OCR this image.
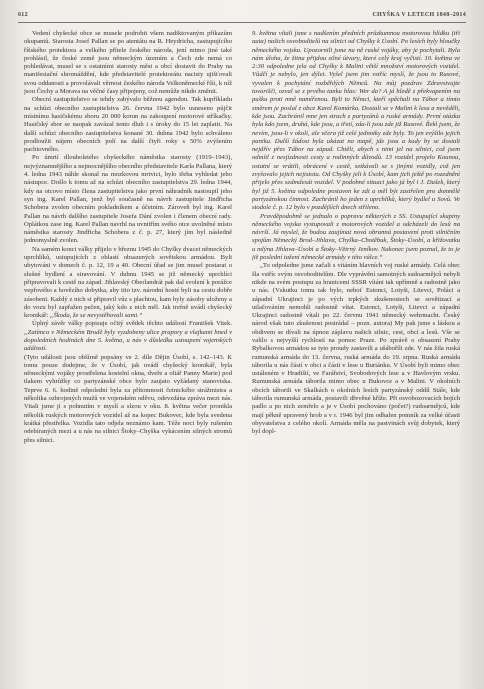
612	CHYŠKA V LETECH 1848–2014

Vedení chyšecké obce se musele podrobit všem nadiktovaným příkazům okupantů. Starosta Josef Pallan se po atentátu na R. Heydricha, zastupujícího říšského protektora a velkého přítele českého národa, jení mimo jiné také prohlásil, že české země jsou německým územím a Čech zde nemá co pohledávat, musel se s ostatními starosty měst a obcí dostavit do Prahy na manifestační shromáždění, kde představitelé protektorátu nacisty ujišťovali svou oddanosti a provolávali věrnost českého národa Velkoněmecké říši, k níž jsou Čechy a Morava na věčné časy připojeny, což nemůže nikdo změnit.

Obecní zastupitelstvo se tehdy zabývalo běžnou agendou. Tak kupříkladu na schůzi obecního zastupitelstva 26. června 1942 bylo usneseno půjčit místnímu hasičskému sboru 20 000 korun na zakoupení motorové stříkačky. Hasičský sbor se naopak zavázal tento dluh i s úroky do 15 let zaplatit. Na další schůzi obecního zastupitelstva konané 30. dubna 1942 bylo schváleno prodloužit nájem obecních polí na další čtyři roky s 50% zvýšením pachtovného.

Po úmrtí dlouholetého chyšeckého náměstka starosty (1919–1943), nejvýznamnějšího a nejmocnějšího obecního představitele Karla Pallana, který 4. ledna 1943 náhle skonal na mozkovou mrtvici, bylo třeba vyhledat jeho nástupce. Došlo k tomu až na schůzi obecního zastupitelstva 29. ledna 1944, kdy na otcovo místo člena zastupitelstva jako první náhradník nastoupil jeho syn ing. Karel Pallan, jenž byl současně na návrh zastupitele Jindřicha Schobera zvolen obecním pokladníkem a účetním. Zároveň byl ing. Karel Pallan na návrh dalšího zastupitele Josefa Dání zvolen i členem obecní rady. Oplátkou zase ing. Karel Pallan navrhl na uvnitřím svého otce uvolněné místo náměstka starosty Jindřicha Schobera z č. p. 27, který jím byl následně jednomyslně zvolen.

Na samém konci války přijelo v březnu 1945 do Chyšky dvacet německých uprchlíků, ustupujících z oblastí obsazených sovětskou armádou. Byli ubytováni v domech č. p. 12, 19 a 40. Obecní úřad se jim musel postarat o slušné bydlení a stravování. V dubnu 1945 se již německý uprchlíci připravovali k cestě na západ. Jihlavský Oberlandrát pak dal svolení k porážce vepřového a hovězího dobytka, aby tito tzv. národní hosté byli na cestu dobře zásobeni. Každý z nich si připravil vůz s plachtou, kam byly zásoby uloženy a do vozu byl zapřažen pečen, jaký kdo z nich měl. Jak trefně uvádí chyšecký kronikář: „Škoda, že se nevystěhovali sami.“

Úplný závěr války popisuje očitý svědek těchto událostí František Vitek. „Zatímco v Německém Brodě byly vyzdobeny ulice prapory a vlajkami hned v dopoledních hodinách dne 5. května, u nás v důsledku ustoupení vojenských událostí.

(Tyto události jsou obšírně popsány ve 2. díle Dějin Úsobí, s. 142–143. K tomu pouze dodejme, že v Úsobí, jak uvádí chyšecký kronikář, byla německými vojáky prostřelena kostelní okna, dveře a oltář Panny Marie) pod tlakem vyhrůžky co partyzánské obce bylo zaujato vyžádaný stanoviska. Teprve 6. 6. hodině odpolední byla za přítomnosti četnického strážmistra a několika ozbrojených mužů ve vojenském oděvu, odevzdána zpráva mezi nás. Vitali jsme jí s pohnutím v myslí a slzou v oku. 8. května večer pronikla několik ruských motorových vozidel až na kopec Bukovec, kde byla svedena krátká přestřelka. Vozidla tato odjela neznámo kam. Téže noci byly rušením odebíraných mezi a u nás na silnici Štoky–Chyška vykácením silných stromů přes silnici.

9. května vítali jsme s nadšením předních průzkumnou motorovou hlídku (tři auta) našich osvoboditelů na silnici od Chyšky k Úsobí. Po lesích byly hloučky německého vojska. Upozornili jsme na ně ruské vojáky, aby je pochytali. Byla nám úloha, že žitna přijdou silné útvary, které celý kraj vyčistí. 10. května ve 2:30 odpoledne jela od Chyšky k Malini větší množství motorových vozidel. Vůdčí je nebylo, jen dýlet. Vyšel jsem jim vstříc myslí, že jsou to Rusové, vyvalen k pochytání rozběhlých Němců. Na můj pozdrav Zdravstvujte tovarišči, ozval se z prvého tanku hlas: Wer da? A já hledě z překvapením na pušku proti mně namířenou. Byli to Němci, kteří spěchali na Tábor a tímto směrem je poslal z obce Karel Komárka. Dostali se v Malini k lesu a nevěděli, kde jsou. Zachránil mne jen strach z partyzánů a ruské armády. První otázka byla kdo jsem, druhá, kde jsou, a třetí, zda-li jsou zde již Rusové. Řekl jsem, že nevím, jsou-li v okolí, ale včera již celé jednotky zde byly. To jen zvýšilo jejich paniku. Další žádost byla ukázat na mapě, jde jsou a kudy by se dostali nejdřív přes Tábor na západ. Chtěli, abych s nimi jel na silnici, což jsem odmítl z nesjízdnosti cesty a rodinných důvodů. 13 vozidel projelo Kounou, ostatní se vrátili, obrácení v cestě, setkávali se s jinými vozidly, což jen zvyšovalo jejich nejistotu. Od Chyšky jeli k Úsobí, kam jich ještě po rozednění přijelo přes sedmdesát vozidel. V podobné situaci jako já byl i J. Dušek, který byl již 5. května odpoledne postaven ke zdi a měl být zastřelen pro domnělé partyzánskou činnost. Zachránil ho jeden z uprchlíků, který bydlel u Sovů. Ve stodole č. p. 12 bylo v pozdějších dnech střileno.

Pravděpodobně se jednalo o popravu některých z SS. Ustupující skupiny německého vojska vystupovali z motorových vozidel a odcházeli do lesů na návrší. Já myslel, že budou zaujímat nová obranná postavení proti silničním spojům Německý Brod–Jihlava, Chyška–Chotěbuk, Štoky–Úsobí, a křižovatku u mlýna Jihlava–Úsobí a Štoky–Větrný Jeníkov. Nakonec jsem poznal, že to je již poslední tažení německé armády v této válce.“

„To odpoledne jsme začali s vítáním hlavních voj ruské armády. Celá obec šla vstříc svým osvoboditelům. Dle vyprávění samotných sudoarmějců nebyli nikde na svém postupu za hranicemi SSSR vítáni tak upřímně a radostně jako u nás. (Vskutku tomu tak bylo, neboť Estonci, Lotyši, Litevci, Poláci a západní Ukrajinci je po vých trpkých zkušenostech se sovětizací a utlačováním nemohli radostně vítat. Estonci, Lotyši, Litevci a západní Ukrajinci radostně vítali po 22. červnu 1941 německý wehrmacht. Český národ však tuto zkušenost postrádal – pozn. autora) My pak jsme s láskou a obdivem se dívali na úpnou záplavu našich silnic, cest, obcí a lesů. Vše se valilo s nejvyšší rychlostí na pomoc Praze. Po zprávě o obsazení Prahy Rybalkovou armádou se tyto proudy zastavili a ušáboříli zde. V nás žila ruská rumunská armáda do 13. června, ruská armáda do 19. srpna. Ruská armáda táborila u nás částí v obci a části v lese u Buriánku. V Úsobí byli mimo obec ustáleném v Hradiští, ve Farářství, Svobodových lese a v Havlovým vrsku. Rumunská armáda táborila mimo obec u Bukovce a v Malini. V okolních obcích táborili ve Skalkách o okolních lesích partyzánský oddíl Stále, kde táborila rumunská armáda, postavili dřevěné kříže. Při osvobozovacích bojích padlo a po nich zemřelo a je v Úsobí pochováno (počet?) rudoarmějců, kde mají pěkně upravený hrob a v r. 1946 byl jim odhalen pomník za velké účasti obyvatelstva z celého okolí. Armáda měla na pastvinách svůj dobytek, který byl dopl-
